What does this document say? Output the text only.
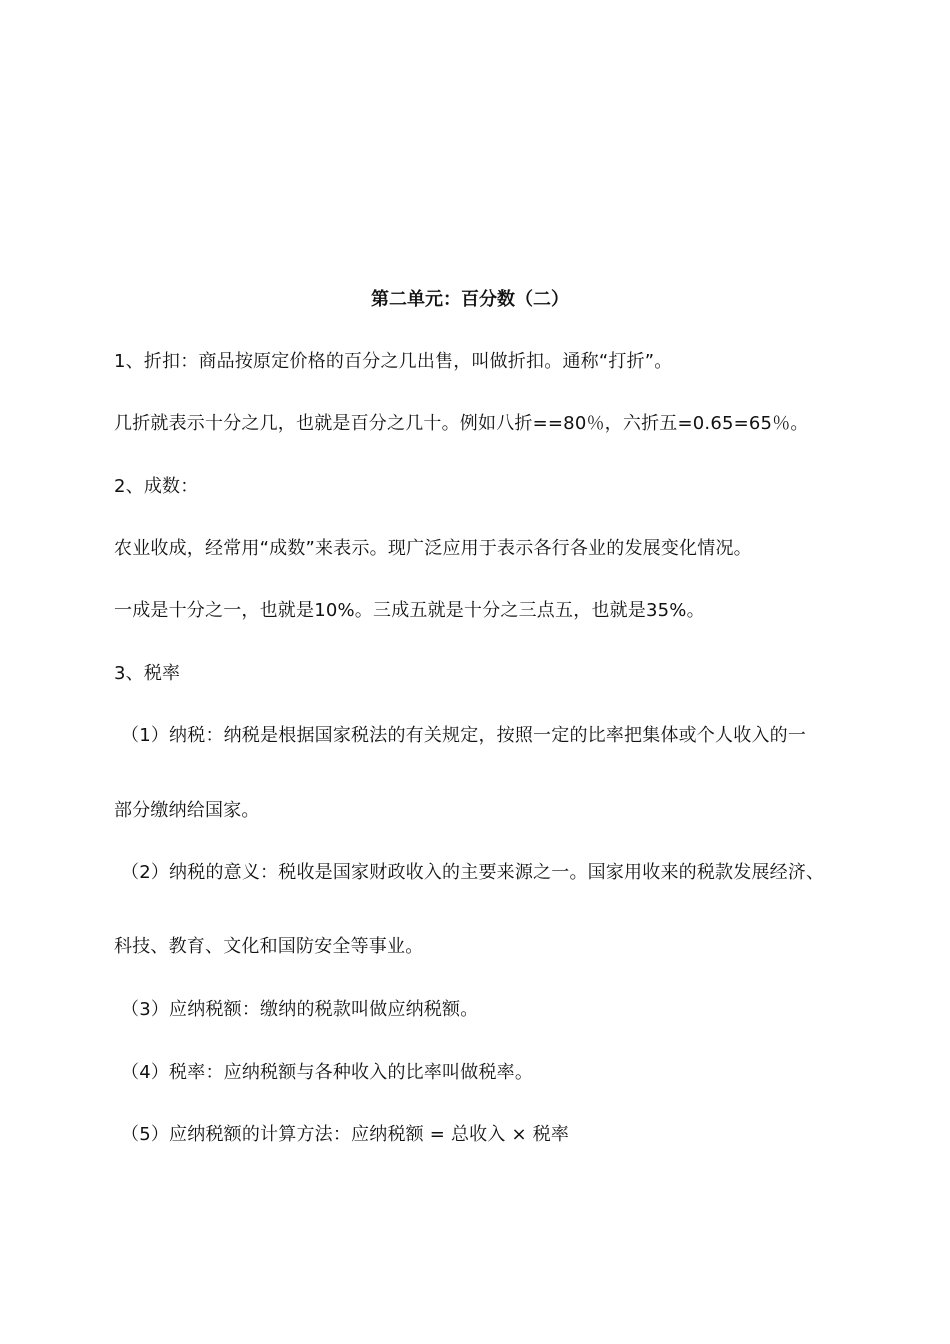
第二单元：百分数（二）
1、折扣：商品按原定价格的百分之几出售，叫做折扣。通称“打折”。
几折就表示十分之几，也就是百分之几十。例如八折==80％，六折五=0.65=65％。
2、成数：
农业收成，经常用“成数”来表示。现广泛应用于表示各行各业的发展变化情况。
一成是十分之一，也就是10%。三成五就是十分之三点五，也就是35%。
3、税率
（1）纳税：纳税是根据国家税法的有关规定，按照一定的比率把集体或个人收入的一
部分缴纳给国家。
（2）纳税的意义：税收是国家财政收入的主要来源之一。国家用收来的税款发展经济、
科技、教育、文化和国防安全等事业。
（3）应纳税额：缴纳的税款叫做应纳税额。
（4）税率：应纳税额与各种收入的比率叫做税率。
（5）应纳税额的计算方法：应纳税额 = 总收入 × 税率
